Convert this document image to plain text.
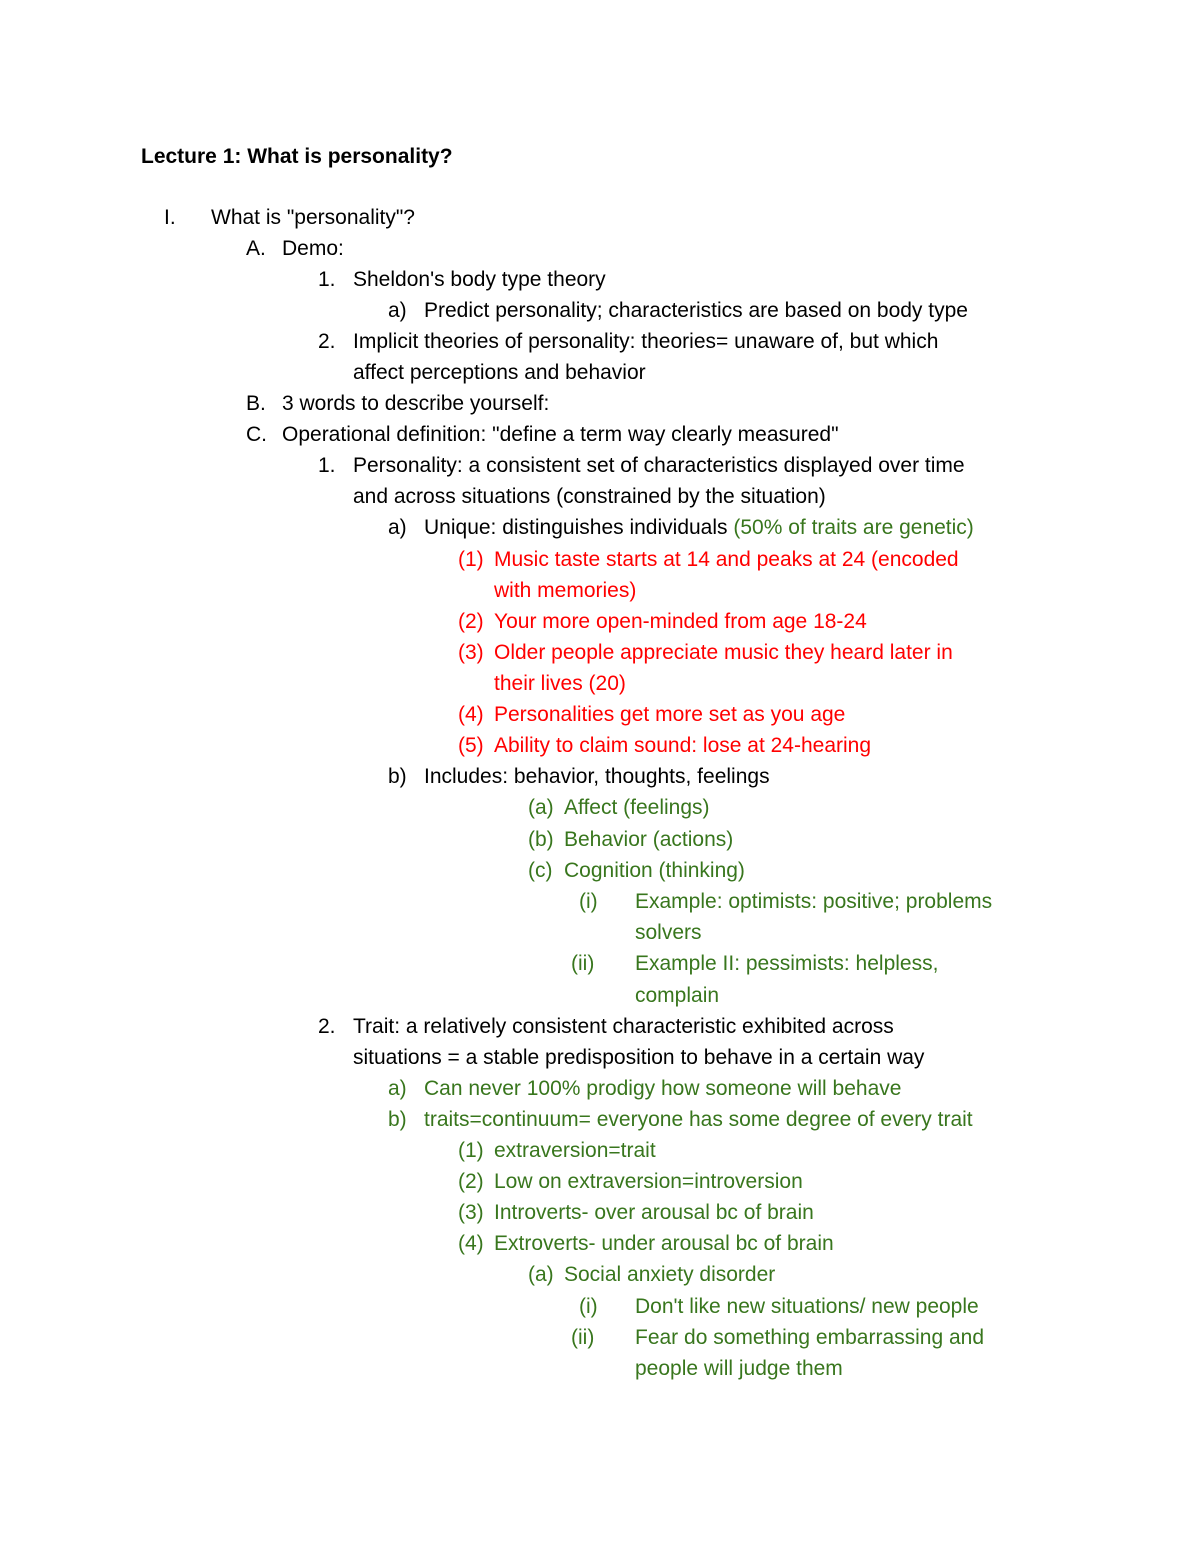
Lecture 1: What is personality?
I. What is "personality"?
A. Demo:
1. Sheldon's body type theory
a) Predict personality; characteristics are based on body type
2. Implicit theories of personality: theories= unaware of, but which
affect perceptions and behavior
B. 3 words to describe yourself:
C. Operational definition: "define a term way clearly measured"
1. Personality: a consistent set of characteristics displayed over time
and across situations (constrained by the situation)
a) Unique: distinguishes individuals (50% of traits are genetic)
(1) Music taste starts at 14 and peaks at 24 (encoded
with memories)
(2) Your more open-minded from age 18-24
(3) Older people appreciate music they heard later in
their lives (20)
(4) Personalities get more set as you age
(5) Ability to claim sound: lose at 24-hearing
b) Includes: behavior, thoughts, feelings
(a) Affect (feelings)
(b) Behavior (actions)
(c) Cognition (thinking)
(i) Example: optimists: positive; problems
solvers
(ii) Example II: pessimists: helpless,
complain
2. Trait: a relatively consistent characteristic exhibited across
situations = a stable predisposition to behave in a certain way
a) Can never 100% prodigy how someone will behave
b) traits=continuum= everyone has some degree of every trait
(1) extraversion=trait
(2) Low on extraversion=introversion
(3) Introverts- over arousal bc of brain
(4) Extroverts- under arousal bc of brain
(a) Social anxiety disorder
(i) Don't like new situations/ new people
(ii) Fear do something embarrassing and
people will judge them
